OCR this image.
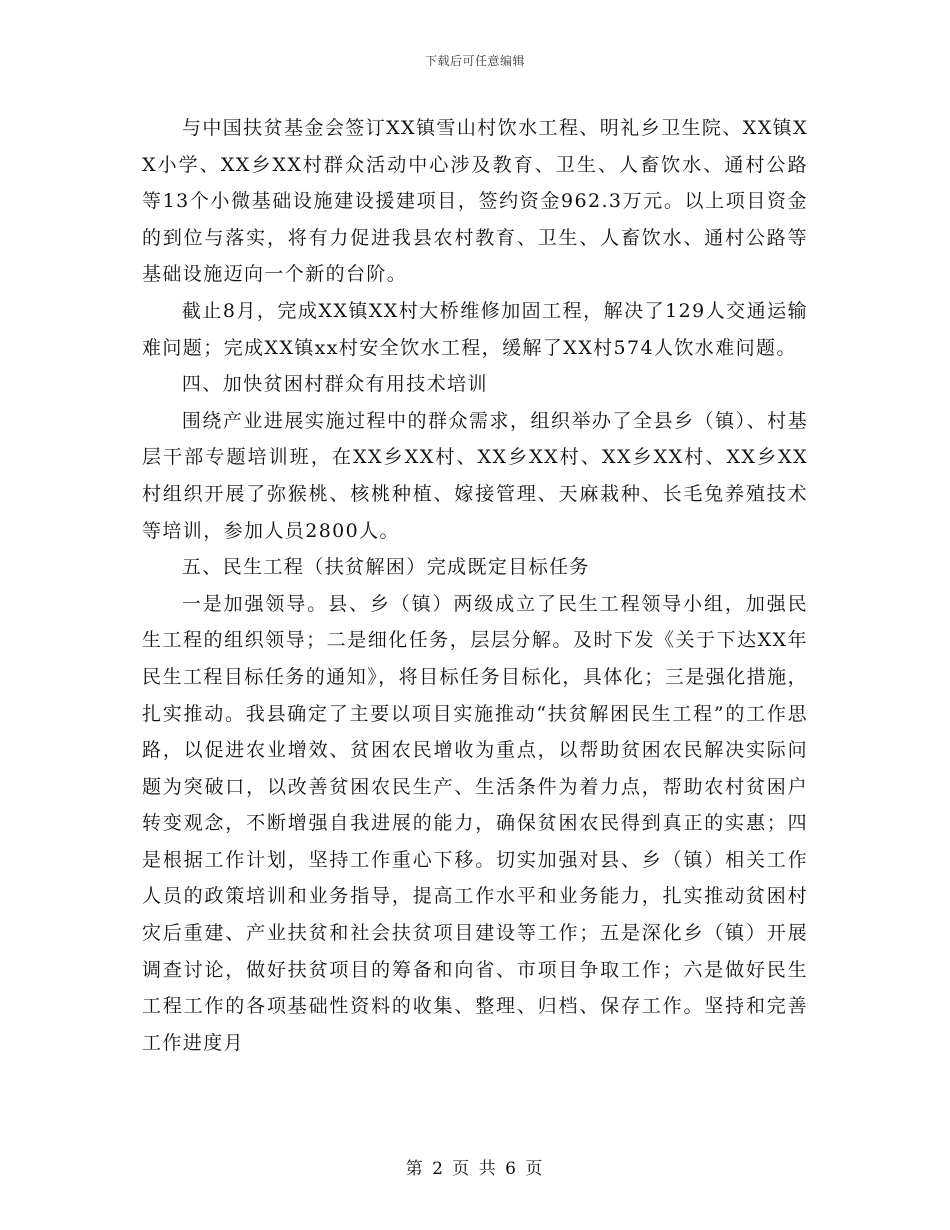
下载后可任意编辑

与中国扶贫基金会签订XX镇雪山村饮水工程、明礼乡卫生院、XX镇XX小学、XX乡XX村群众活动中心涉及教育、卫生、人畜饮水、通村公路等13个小微基础设施建设援建项目，签约资金962.3万元。以上项目资金的到位与落实，将有力促进我县农村教育、卫生、人畜饮水、通村公路等基础设施迈向一个新的台阶。

截止8月，完成XX镇XX村大桥维修加固工程，解决了129人交通运输难问题；完成XX镇xx村安全饮水工程，缓解了XX村574人饮水难问题。

四、加快贫困村群众有用技术培训

围绕产业进展实施过程中的群众需求，组织举办了全县乡（镇）、村基层干部专题培训班，在XX乡XX村、XX乡XX村、XX乡XX村、XX乡XX村组织开展了弥猴桃、核桃种植、嫁接管理、天麻栽种、长毛兔养殖技术等培训，参加人员2800人。

五、民生工程（扶贫解困）完成既定目标任务

一是加强领导。县、乡（镇）两级成立了民生工程领导小组，加强民生工程的组织领导；二是细化任务，层层分解。及时下发《关于下达XX年民生工程目标任务的通知》，将目标任务目标化，具体化；三是强化措施，扎实推动。我县确定了主要以项目实施推动“扶贫解困民生工程”的工作思路，以促进农业增效、贫困农民增收为重点，以帮助贫困农民解决实际问题为突破口，以改善贫困农民生产、生活条件为着力点，帮助农村贫困户转变观念，不断增强自我进展的能力，确保贫困农民得到真正的实惠；四是根据工作计划，坚持工作重心下移。切实加强对县、乡（镇）相关工作人员的政策培训和业务指导，提高工作水平和业务能力，扎实推动贫困村灾后重建、产业扶贫和社会扶贫项目建设等工作；五是深化乡（镇）开展调查讨论，做好扶贫项目的筹备和向省、市项目争取工作；六是做好民生工程工作的各项基础性资料的收集、整理、归档、保存工作。坚持和完善工作进度月

第 2 页 共 6 页
